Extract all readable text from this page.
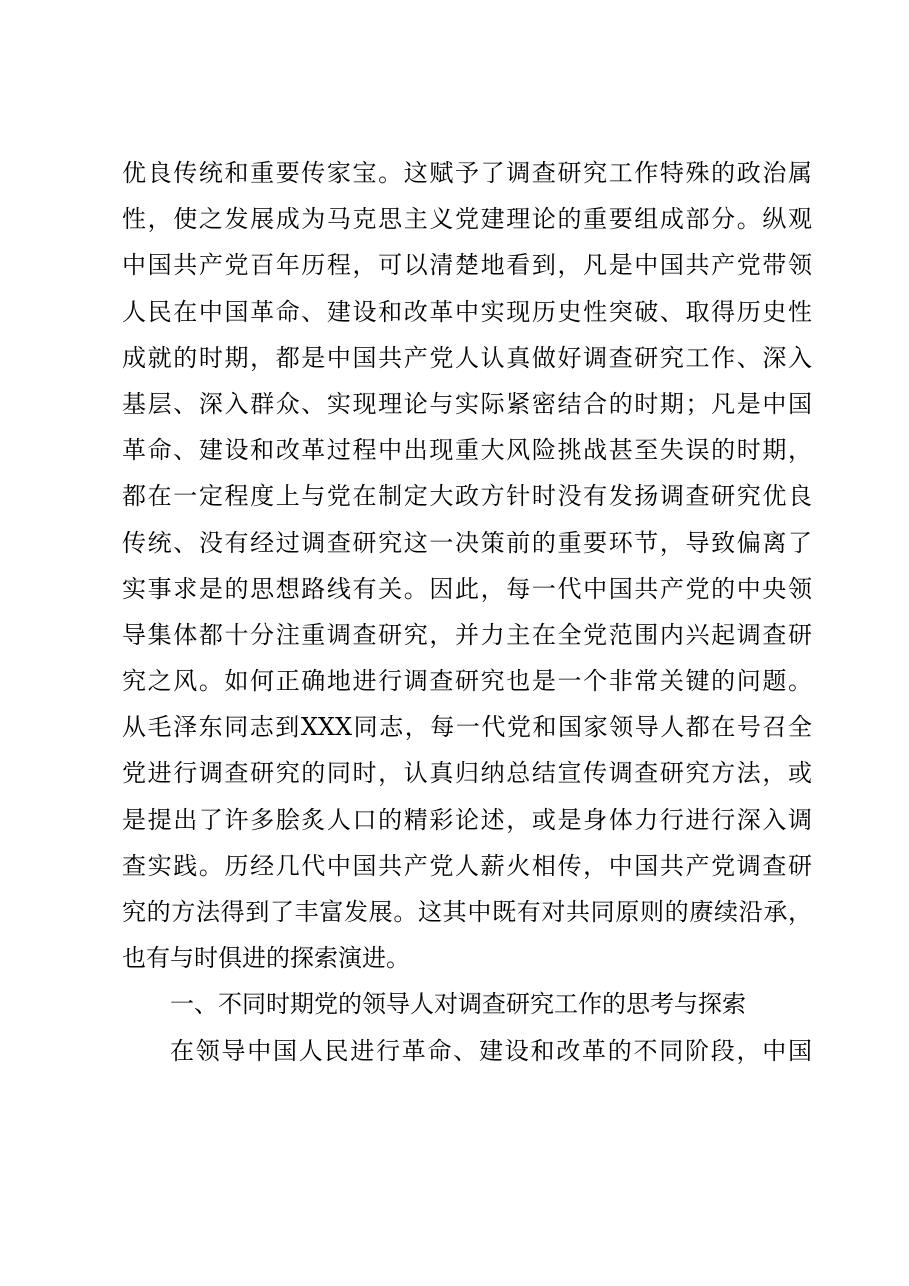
优良传统和重要传家宝。这赋予了调查研究工作特殊的政治属
性，使之发展成为马克思主义党建理论的重要组成部分。纵观
中国共产党百年历程，可以清楚地看到，凡是中国共产党带领
人民在中国革命、建设和改革中实现历史性突破、取得历史性
成就的时期，都是中国共产党人认真做好调查研究工作、深入
基层、深入群众、实现理论与实际紧密结合的时期；凡是中国
革命、建设和改革过程中出现重大风险挑战甚至失误的时期，
都在一定程度上与党在制定大政方针时没有发扬调查研究优良
传统、没有经过调查研究这一决策前的重要环节，导致偏离了
实事求是的思想路线有关。因此，每一代中国共产党的中央领
导集体都十分注重调查研究，并力主在全党范围内兴起调查研
究之风。如何正确地进行调查研究也是一个非常关键的问题。
从毛泽东同志到XXX同志，每一代党和国家领导人都在号召全
党进行调查研究的同时，认真归纳总结宣传调查研究方法，或
是提出了许多脍炙人口的精彩论述，或是身体力行进行深入调
查实践。历经几代中国共产党人薪火相传，中国共产党调查研
究的方法得到了丰富发展。这其中既有对共同原则的赓续沿承，
也有与时俱进的探索演进。
一、不同时期党的领导人对调查研究工作的思考与探索
在领导中国人民进行革命、建设和改革的不同阶段，中国
